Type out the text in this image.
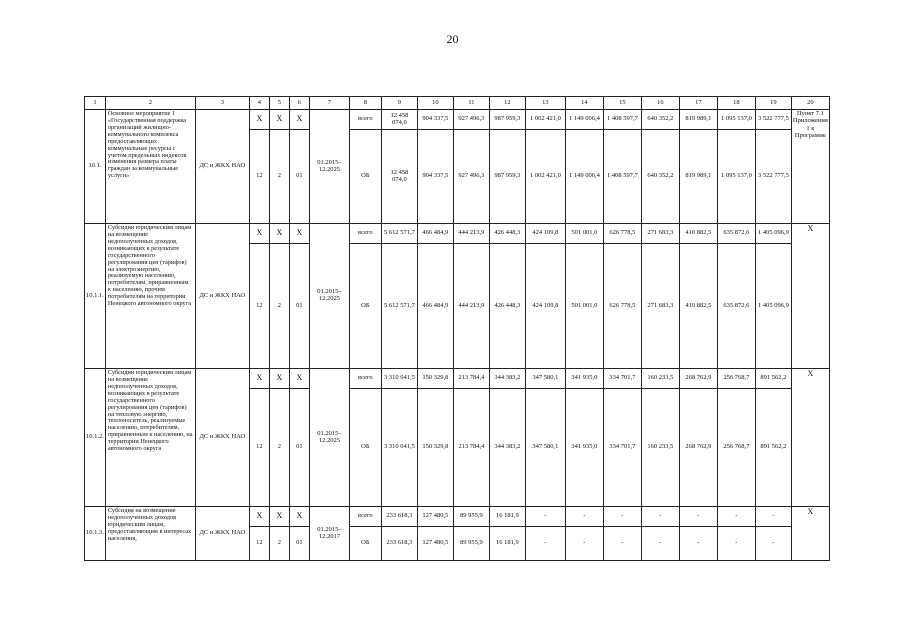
20
1	2	3	4	5	6	7	8	9	10	11	12	13	14	15	16	17	18	19	20
10.1.	Основное мероприятие 1 «Государственная поддержка организаций жилищно-коммунального комплекса предоставляющих коммунальные ресурсы с учетом предельных индексов изменения размера платы граждан за коммунальные услуги»	ДС и ЖКХ НАО	Х	Х	Х	01.2015– 12.2025	всего	12 458 074,0	904 337,5	927 496,3	987 959,3	1 002 421,0	1 149 006,4	1 408 597,7	640 352,2	819 989,1	1 095 137,0	3 522 777,5	Пункт 7.1 Приложения 1 к Программе
			12	2	01		ОБ	12 458 074,0	904 337,5	927 496,3	987 959,3	1 002 421,0	1 149 006,4	1 408 597,7	640 352,2	819 989,1	1 095 137,0	3 522 777,5	
10.1.1.	Субсидии юридическим лицам на возмещение недополученных доходов, возникающих в результате государственного регулирования цен (тарифов) на электроэнергию, реализуемую населению, потребителям, приравненным к населению, прочим потребителям на территории Ненецкого автономного округа	ДС и ЖКХ НАО	Х	Х	Х	01.2015– 12.2025	всего	5 612 571,7	466 484,9	444 213,9	426 448,3	424 109,8	501 001,0	626 778,5	271 683,3	410 882,5	635 872,6	1 405 096,9	Х
			12	2	01		ОБ	5 612 571,7	466 484,9	444 213,9	426 448,3	424 109,8	501 001,0	626 778,5	271 683,3	410 882,5	635 872,6	1 405 096,9	
10.1.2.	Субсидии юридическим лицам на возмещение недополученных доходов, возникающих в результате государственного регулирования цен (тарифов) на тепловую энергию, теплоноситель, реализуемые населению, потребителям, приравненным к населению, на территории Ненецкого автономного округа	ДС и ЖКХ НАО	Х	Х	Х	01.2015– 12.2025	всего	3 310 041,5	150 329,8	213 784,4	344 383,2	347 580,1	341 935,0	334 701,7	160 233,5	268 762,9	256 768,7	891 562,2	Х
			12	2	01		ОБ	3 310 041,5	150 329,8	213 784,4	344 383,2	347 580,1	341 935,0	334 701,7	160 233,5	268 762,9	256 768,7	891 562,2	
10.1.3.	Субсидия на возмещение недополученных доходов юридическим лицам, предоставляющим в интересах населения,	ДС и ЖКХ НАО	Х	Х	Х	01.2015– 12.2017	всего	233 618,3	127 480,5	89 955,9	16 181,9	-	-	-	-	-	-	-	Х
			12	2	01		ОБ	233 618,3	127 480,5	89 955,9	16 181,9	-	-	-	-	-	-	-	
